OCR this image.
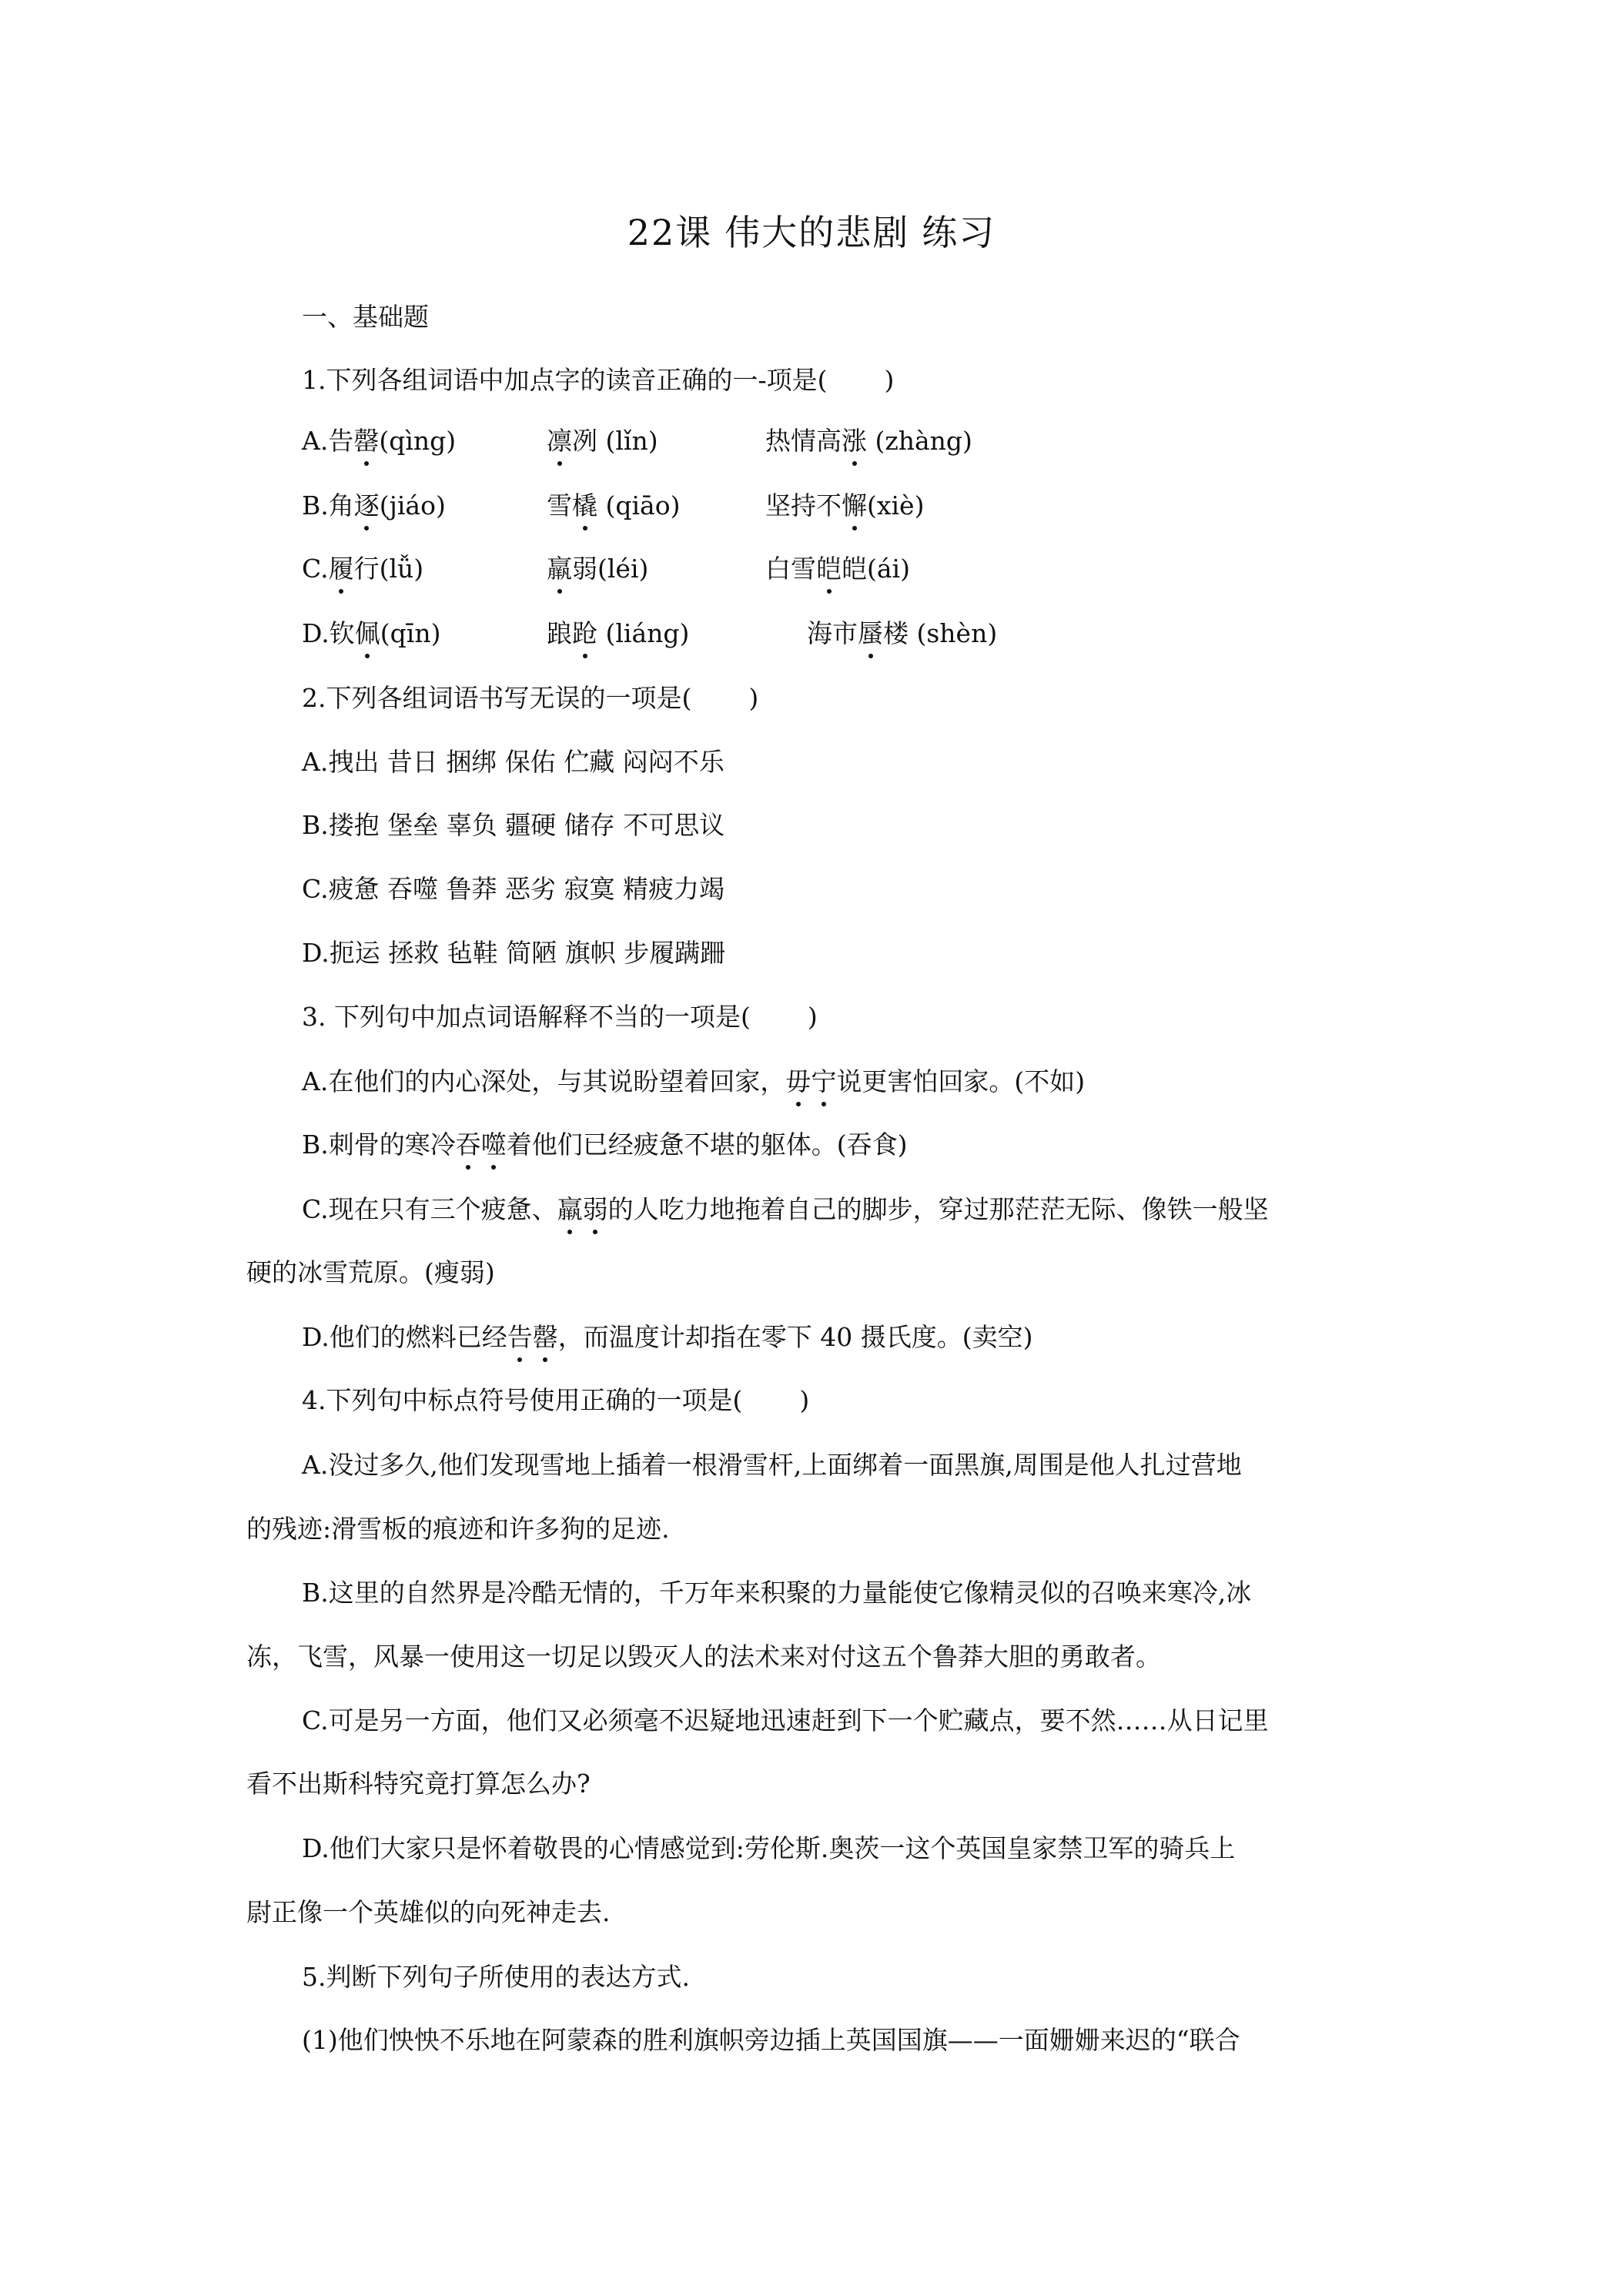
22课 伟大的悲剧 练习
一、基础题
1.下列各组词语中加点字的读音正确的一-项是( )
A.告罄(qìng)	凛冽 (lǐn)	热情高涨 (zhàng)
B.角逐(jiáo)	雪橇 (qiāo)	坚持不懈(xiè)
C.履行(lǚ)	羸弱(léi)	白雪皑皑(ái)
D.钦佩(qīn)	踉跄 (liáng)	海市蜃楼 (shèn)
2.下列各组词语书写无误的一项是( )
A.拽出 昔日 捆绑 保佑 伫藏 闷闷不乐
B.搂抱 堡垒 辜负 疆硬 储存 不可思议
C.疲惫 吞噬 鲁莽 恶劣 寂寞 精疲力竭
D.扼运 拯救 毡鞋 简陋 旗帜 步履蹒跚
3. 下列句中加点词语解释不当的一项是( )
A.在他们的内心深处，与其说盼望着回家，毋宁说更害怕回家。(不如)
B.刺骨的寒冷吞噬着他们已经疲惫不堪的躯体。(吞食)
C.现在只有三个疲惫、羸弱的人吃力地拖着自己的脚步，穿过那茫茫无际、像铁一般坚
硬的冰雪荒原。(瘦弱)
D.他们的燃料已经告罄，而温度计却指在零下 40 摄氏度。(卖空)
4.下列句中标点符号使用正确的一项是( )
A.没过多久,他们发现雪地上插着一根滑雪杆,上面绑着一面黑旗,周围是他人扎过营地
的残迹:滑雪板的痕迹和许多狗的足迹.
B.这里的自然界是冷酷无情的，千万年来积聚的力量能使它像精灵似的召唤来寒冷,冰
冻，飞雪，风暴一使用这一切足以毁灭人的法术来对付这五个鲁莽大胆的勇敢者。
C.可是另一方面，他们又必须毫不迟疑地迅速赶到下一个贮藏点，要不然……从日记里
看不出斯科特究竟打算怎么办?
D.他们大家只是怀着敬畏的心情感觉到:劳伦斯.奥茨一这个英国皇家禁卫军的骑兵上
尉正像一个英雄似的向死神走去.
5.判断下列句子所使用的表达方式.
(1)他们怏怏不乐地在阿蒙森的胜利旗帜旁边插上英国国旗——一面姗姗来迟的“联合
